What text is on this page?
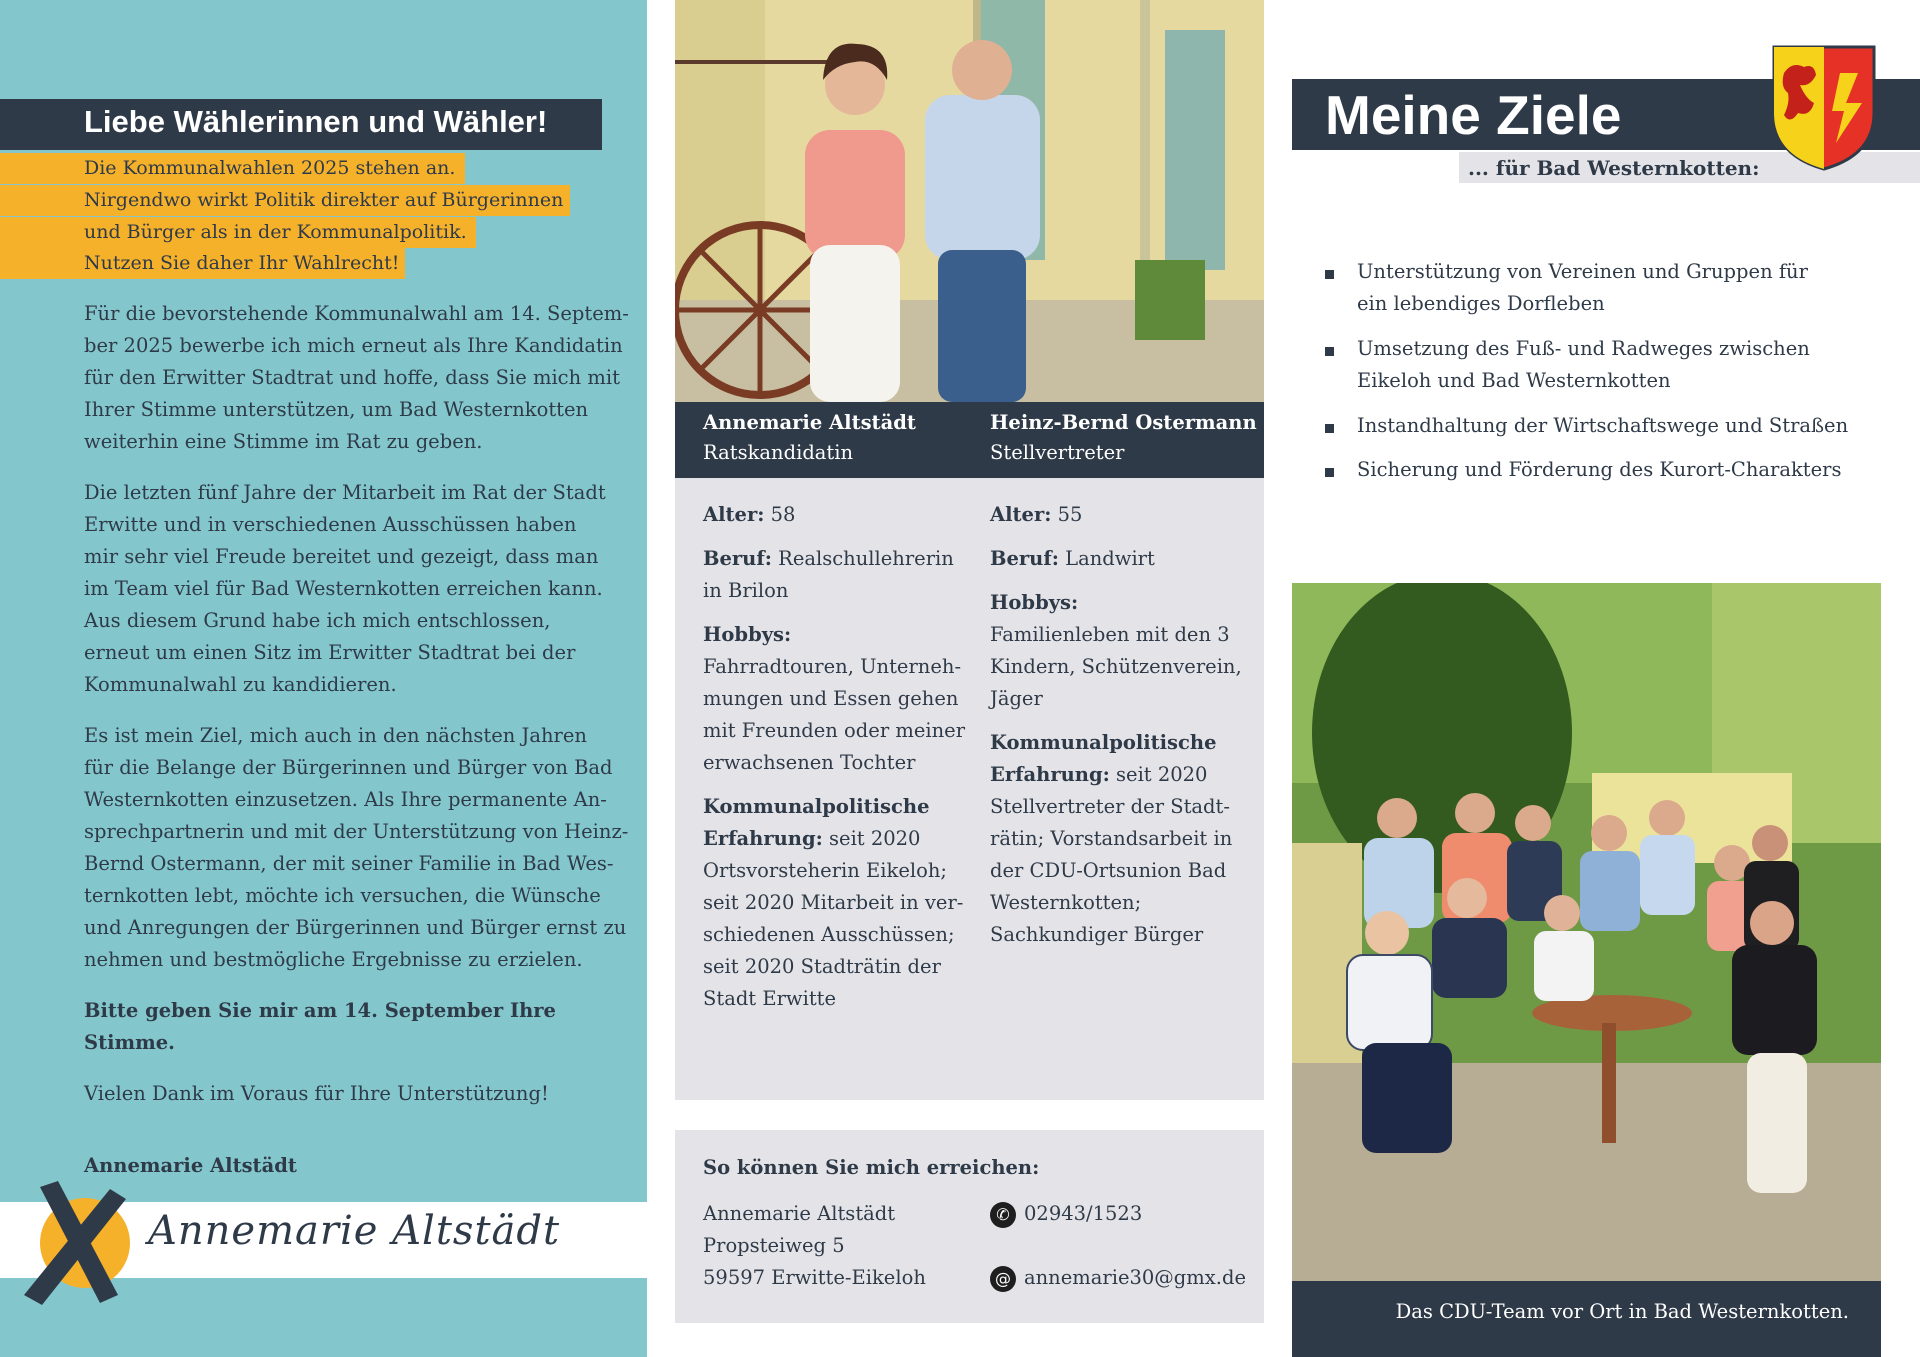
Liebe Wählerinnen und Wähler!
Die Kommunalwahlen 2025 stehen an.
Nirgendwo wirkt Politik direkter auf Bürgerinnen
und Bürger als in der Kommunalpolitik.
Nutzen Sie daher Ihr Wahlrecht!

Für die bevorstehende Kommunalwahl am 14. Septem-
ber 2025 bewerbe ich mich erneut als Ihre Kandidatin
für den Erwitter Stadtrat und hoffe, dass Sie mich mit
Ihrer Stimme unterstützen, um Bad Westernkotten
weiterhin eine Stimme im Rat zu geben.

Die letzten fünf Jahre der Mitarbeit im Rat der Stadt
Erwitte und in verschiedenen Ausschüssen haben
mir sehr viel Freude bereitet und gezeigt, dass man
im Team viel für Bad Westernkotten erreichen kann.
Aus diesem Grund habe ich mich entschlossen,
erneut um einen Sitz im Erwitter Stadtrat bei der
Kommunalwahl zu kandidieren.

Es ist mein Ziel, mich auch in den nächsten Jahren
für die Belange der Bürgerinnen und Bürger von Bad
Westernkotten einzusetzen. Als Ihre permanente An-
sprechpartnerin und mit der Unterstützung von Heinz-
Bernd Ostermann, der mit seiner Familie in Bad Wes-
ternkotten lebt, möchte ich versuchen, die Wünsche
und Anregungen der Bürgerinnen und Bürger ernst zu
nehmen und bestmögliche Ergebnisse zu erzielen.

Bitte geben Sie mir am 14. September Ihre Stimme.

Vielen Dank im Voraus für Ihre Unterstützung!

Annemarie Altstädt

Annemarie Altstädt
Annemarie Altstädt
Ratskandidatin
Heinz-Bernd Ostermann
Stellvertreter

Alter: 58

Beruf: Realschullehrerin in Brilon

Hobbys:
Fahrradtouren, Unterneh-mungen und Essen gehen mit Freunden oder meiner erwachsenen Tochter

Kommunalpolitische Erfahrung: seit 2020 Ortsvorsteherin Eikeloh; seit 2020 Mitarbeit in ver-schiedenen Ausschüssen; seit 2020 Stadträtin der Stadt Erwitte

Alter: 55

Beruf: Landwirt

Hobbys:
Familienleben mit den 3 Kindern, Schützenverein, Jäger

Kommunalpolitische Erfahrung: seit 2020 Stellvertreter der Stadt-rätin; Vorstandsarbeit in der CDU-Ortsunion Bad Westernkotten; Sachkundiger Bürger

So können Sie mich erreichen:
Annemarie Altstädt
Propsteiweg 5
59597 Erwitte-Eikeloh
✆ 02943/1523
@ annemarie30@gmx.de
Meine Ziele
... für Bad Westernkotten:
Unterstützung von Vereinen und Gruppen für ein lebendiges Dorfleben
Umsetzung des Fuß- und Radweges zwischen Eikeloh und Bad Westernkotten
Instandhaltung der Wirtschaftswege und Straßen
Sicherung und Förderung des Kurort-Charakters
Das CDU-Team vor Ort in Bad Westernkotten.
